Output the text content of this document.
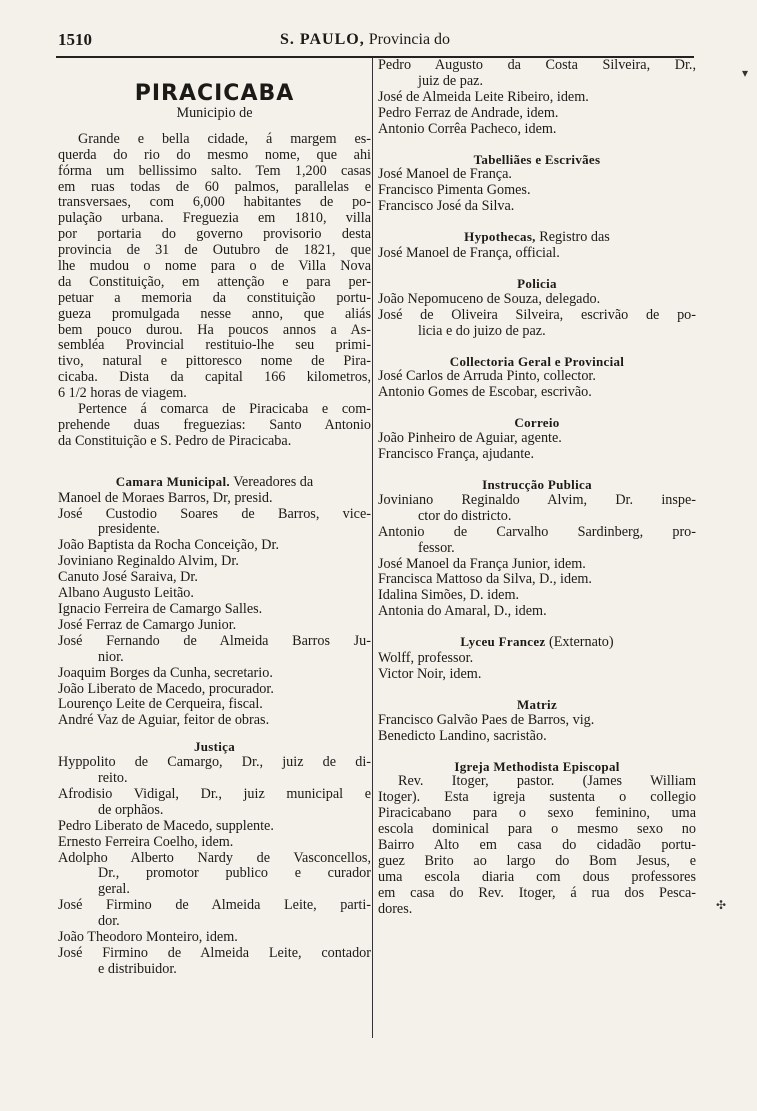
1510	S. PAULO, Provincia do
PIRACICABA
Municipio de
Grande e bella cidade, á margem es-
querda do rio do mesmo nome, que ahi
fórma um bellissimo salto. Tem 1,200 casas
em ruas todas de 60 palmos, parallelas e
transversaes, com 6,000 habitantes de po-
pulação urbana. Freguezia em 1810, villa
por portaria do governo provisorio desta
provincia de 31 de Outubro de 1821, que
lhe mudou o nome para o de Villa Nova
da Constituição, em attenção e para per-
petuar a memoria da constituição portu-
gueza promulgada nesse anno, que aliás
bem pouco durou. Ha poucos annos a As-
sembléa Provincial restituio-lhe seu primi-
tivo, natural e pittoresco nome de Pira-
cicaba. Dista da capital 166 kilometros,
6 1/2 horas de viagem.
Pertence á comarca de Piracicaba e com-
prehende duas freguezias: Santo Antonio
da Constituição e S. Pedro de Piracicaba.
Camara Municipal. Vereadores da
Manoel de Moraes Barros, Dr, presid.
José Custodio Soares de Barros, vice-
presidente.
João Baptista da Rocha Conceição, Dr.
Joviniano Reginaldo Alvim, Dr.
Canuto José Saraiva, Dr.
Albano Augusto Leitão.
Ignacio Ferreira de Camargo Salles.
José Ferraz de Camargo Junior.
José Fernando de Almeida Barros Ju-
nior.
Joaquim Borges da Cunha, secretario.
João Liberato de Macedo, procurador.
Lourenço Leite de Cerqueira, fiscal.
André Vaz de Aguiar, feitor de obras.
Justiça
Hyppolito de Camargo, Dr., juiz de di-
reito.
Afrodisio Vidigal, Dr., juiz municipal e
de orphãos.
Pedro Liberato de Macedo, supplente.
Ernesto Ferreira Coelho, idem.
Adolpho Alberto Nardy de Vasconcellos,
Dr., promotor publico e curador
geral.
José Firmino de Almeida Leite, parti-
dor.
João Theodoro Monteiro, idem.
José Firmino de Almeida Leite, contador
e distribuidor.
Pedro Augusto da Costa Silveira, Dr.,
juiz de paz.
José de Almeida Leite Ribeiro, idem.
Pedro Ferraz de Andrade, idem.
Antonio Corrêa Pacheco, idem.
Tabelliães e Escrivães
José Manoel de França.
Francisco Pimenta Gomes.
Francisco José da Silva.
Hypothecas, Registro das
José Manoel de França, official.
Policia
João Nepomuceno de Souza, delegado.
José de Oliveira Silveira, escrivão de po-
licia e do juizo de paz.
Collectoria Geral e Provincial
José Carlos de Arruda Pinto, collector.
Antonio Gomes de Escobar, escrivão.
Correio
João Pinheiro de Aguiar, agente.
Francisco França, ajudante.
Instrucção Publica
Joviniano Reginaldo Alvim, Dr. inspe-
ctor do districto.
Antonio de Carvalho Sardinberg, pro-
fessor.
José Manoel da França Junior, idem.
Francisca Mattoso da Silva, D., idem.
Idalina Simões, D. idem.
Antonia do Amaral, D., idem.
Lyceu Francez (Externato)
Wolff, professor.
Victor Noir, idem.
Matriz
Francisco Galvão Paes de Barros, vig.
Benedicto Landino, sacristão.
Igreja Methodista Episcopal
Rev. Itoger, pastor. (James William
Itoger). Esta igreja sustenta o collegio
Piracicabano para o sexo feminino, uma
escola dominical para o mesmo sexo no
Bairro Alto em casa do cidadão portu-
guez Brito ao largo do Bom Jesus, e
uma escola diaria com dous professores
em casa do Rev. Itoger, á rua dos Pesca-
dores.
▾
✣
